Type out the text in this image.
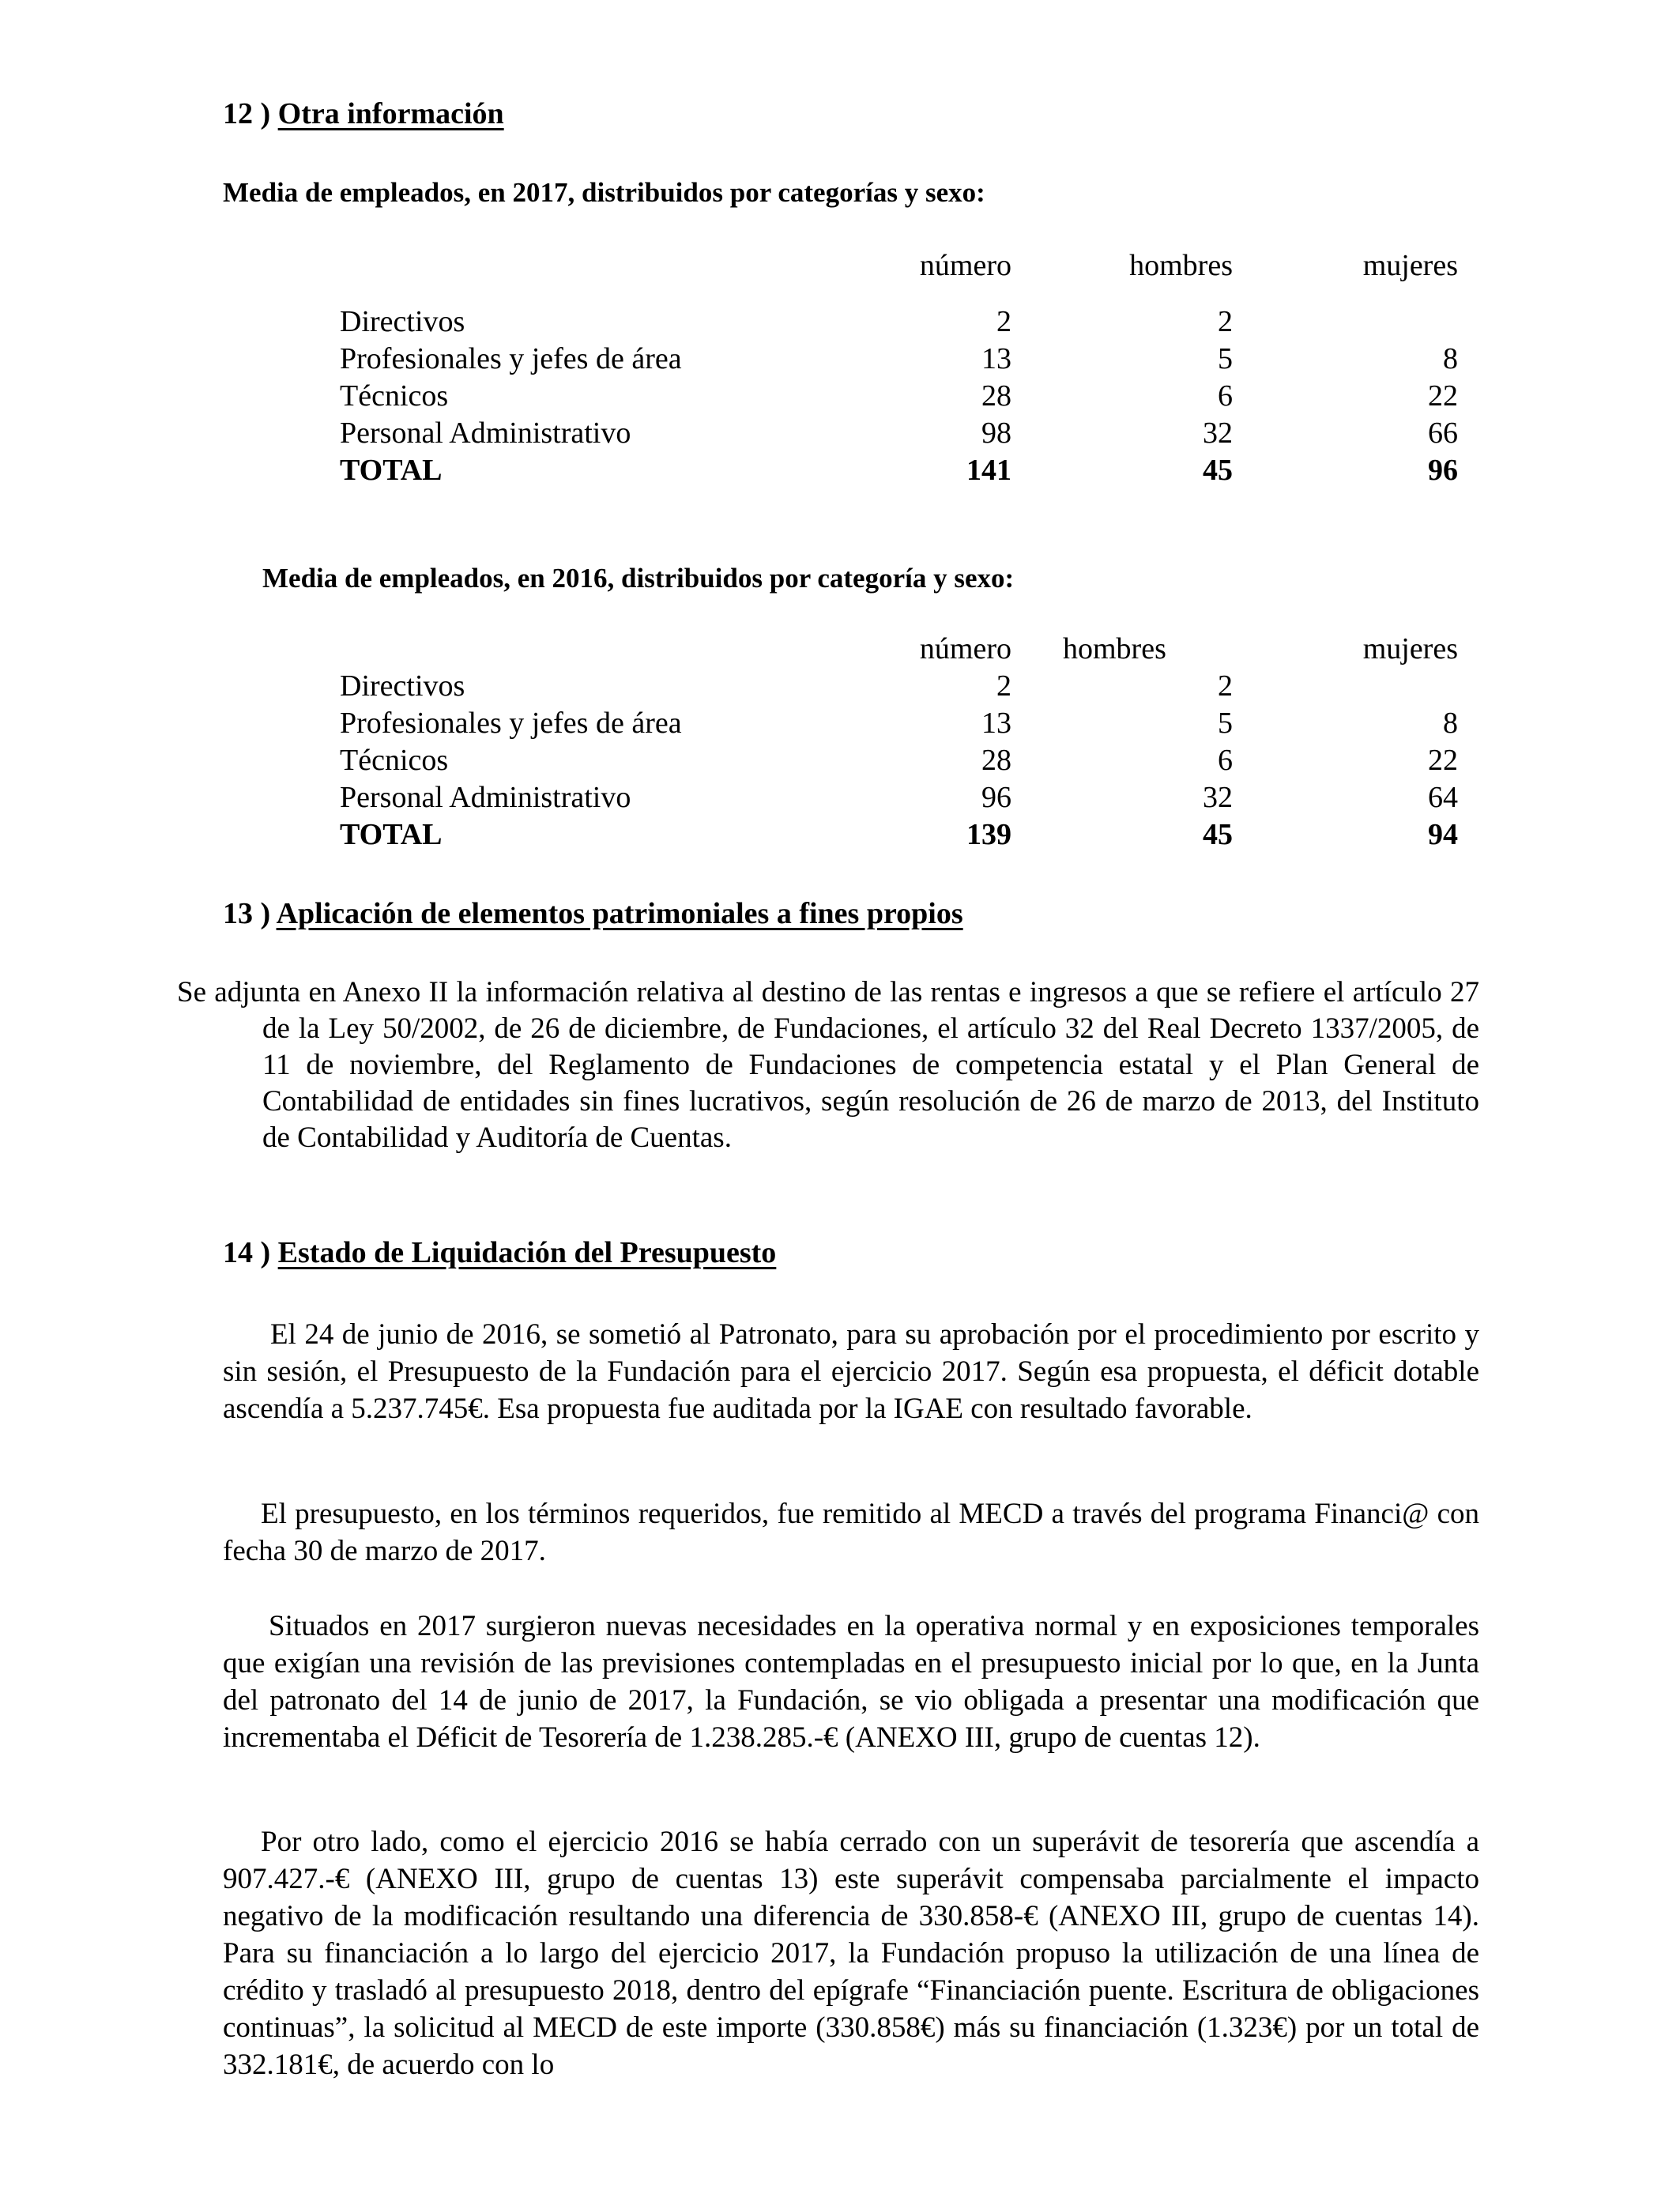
12 ) Otra información
Media de empleados, en 2017, distribuidos por categorías y sexo:
	número	hombres	mujeres

Directivos	2	2	
Profesionales y jefes de área	13	5	8
Técnicos	28	6	22
Personal Administrativo	98	32	66
TOTAL	141	45	96
Media de empleados, en 2016, distribuidos por categoría y sexo:
	número	hombres	mujeres
Directivos	2	2	
Profesionales y jefes de área	13	5	8
Técnicos	28	6	22
Personal Administrativo	96	32	64
TOTAL	139	45	94
13 ) Aplicación de elementos patrimoniales a fines propios
Se adjunta en Anexo II la información relativa al destino de las rentas e ingresos a que se refiere el artículo 27 de la Ley 50/2002, de 26 de diciembre, de Fundaciones, el artículo 32 del Real Decreto 1337/2005, de 11 de noviembre, del Reglamento de Fundaciones de competencia estatal y el Plan General de Contabilidad de entidades sin fines lucrativos, según resolución de 26 de marzo de 2013, del Instituto de Contabilidad y Auditoría de Cuentas.
14 ) Estado de Liquidación del Presupuesto
El 24 de junio de 2016, se sometió al Patronato, para su aprobación por el procedimiento por escrito y sin sesión, el Presupuesto de la Fundación para el ejercicio 2017. Según esa propuesta, el déficit dotable ascendía a 5.237.745€. Esa propuesta fue auditada por la IGAE con resultado favorable.
El presupuesto, en los términos requeridos, fue remitido al MECD a través del programa Financi@ con fecha 30 de marzo de 2017.
Situados en 2017 surgieron nuevas necesidades en la operativa normal y en exposiciones temporales que exigían una revisión de las previsiones contempladas en el presupuesto inicial por lo que, en la Junta del patronato del 14 de junio de 2017, la Fundación, se vio obligada a presentar una modificación que incrementaba el Déficit de Tesorería de 1.238.285.-€ (ANEXO III, grupo de cuentas 12).
Por otro lado, como el ejercicio 2016 se había cerrado con un superávit de tesorería que ascendía a 907.427.-€ (ANEXO III, grupo de cuentas 13) este superávit compensaba parcialmente el impacto negativo de la modificación resultando una diferencia de 330.858-€ (ANEXO III, grupo de cuentas 14). Para su financiación a lo largo del ejercicio 2017, la Fundación propuso la utilización de una línea de crédito y trasladó al presupuesto 2018, dentro del epígrafe “Financiación puente. Escritura de obligaciones continuas”, la solicitud al MECD de este importe (330.858€) más su financiación (1.323€) por un total de 332.181€, de acuerdo con lo
